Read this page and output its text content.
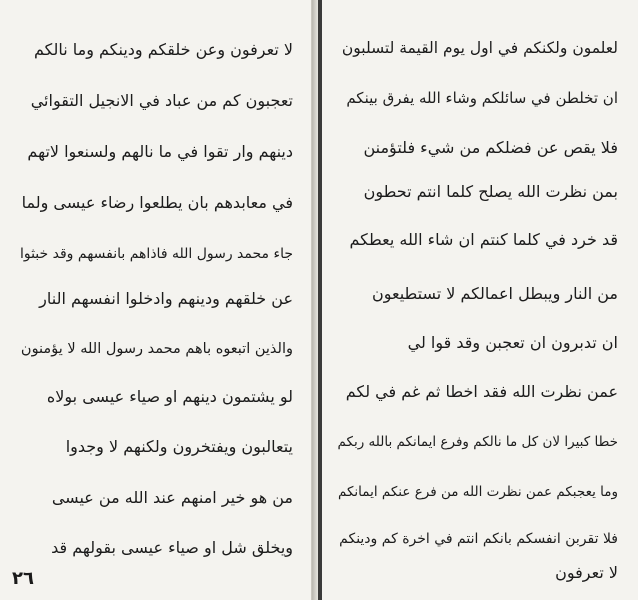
لا تعرفون وعن خلقكم ودينكم وما نالكم
تعجبون كم من عباد في الانجيل التقوائي
دينهم وار تقوا في ما نالهم ولسنعوا لاتهم
في معابدهم بان يطلعوا رضاء عيسى ولما
جاء محمد رسول الله فاذاهم بانفسهم وقد خبثوا
عن خلقهم ودينهم وادخلوا انفسهم النار
والذين اتبعوه باهم محمد رسول الله لا يؤمنون
لو يشتمون دينهم او صياء عيسى بولاه
يتعالبون ويفتخرون ولكنهم لا وجدوا
من هو خير امنهم عند الله من عيسى
ويخلق شل او صياء عيسى بقولهم قد
٢٦
لعلمون ولكنكم في اول يوم القيمة لتسلبون
ان تخلطن في سائلكم وشاء الله يفرق بينكم
فلا يقص عن فضلكم من شيء فلتؤمنن
بمن نظرت الله يصلح كلما انتم تحطون
قد خرد في كلما كنتم ان شاء الله يعطكم
من النار ويبطل اعمالكم لا تستطيعون
ان تدبرون ان تعجبن وقد قوا لي
عمن نظرت الله فقد اخطا ثم غم في لكم
خطا كبيرا لان كل ما نالكم وفرع ايمانكم بالله ربكم
وما يعجبكم عمن نظرت الله من فرع عنكم ايمانكم
فلا تقربن انفسكم بانكم انتم في اخرة كم ودينكم
لا تعرفون
